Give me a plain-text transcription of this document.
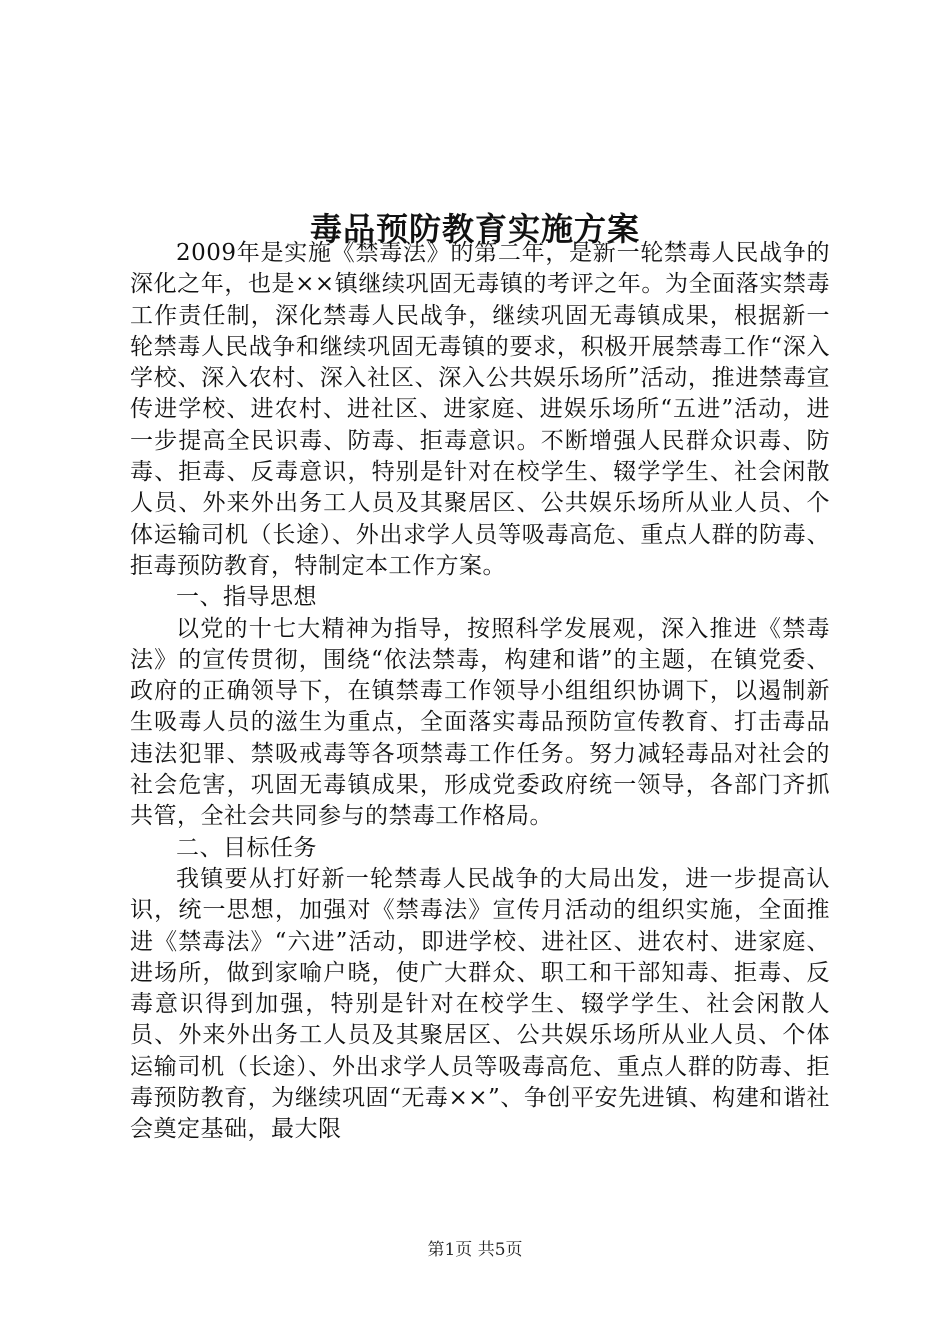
毒品预防教育实施方案

2009年是实施《禁毒法》的第二年，是新一轮禁毒人民战争的深化之年，也是××镇继续巩固无毒镇的考评之年。为全面落实禁毒工作责任制，深化禁毒人民战争，继续巩固无毒镇成果，根据新一轮禁毒人民战争和继续巩固无毒镇的要求，积极开展禁毒工作“深入学校、深入农村、深入社区、深入公共娱乐场所”活动，推进禁毒宣传进学校、进农村、进社区、进家庭、进娱乐场所“五进”活动，进一步提高全民识毒、防毒、拒毒意识。不断增强人民群众识毒、防毒、拒毒、反毒意识，特别是针对在校学生、辍学学生、社会闲散人员、外来外出务工人员及其聚居区、公共娱乐场所从业人员、个体运输司机（长途）、外出求学人员等吸毒高危、重点人群的防毒、拒毒预防教育，特制定本工作方案。

一、指导思想

以党的十七大精神为指导，按照科学发展观，深入推进《禁毒法》的宣传贯彻，围绕“依法禁毒，构建和谐”的主题，在镇党委、政府的正确领导下，在镇禁毒工作领导小组组织协调下，以遏制新生吸毒人员的滋生为重点，全面落实毒品预防宣传教育、打击毒品违法犯罪、禁吸戒毒等各项禁毒工作任务。努力减轻毒品对社会的社会危害，巩固无毒镇成果，形成党委政府统一领导，各部门齐抓共管，全社会共同参与的禁毒工作格局。

二、目标任务

我镇要从打好新一轮禁毒人民战争的大局出发，进一步提高认识，统一思想，加强对《禁毒法》宣传月活动的组织实施，全面推进《禁毒法》“六进”活动，即进学校、进社区、进农村、进家庭、进场所，做到家喻户晓，使广大群众、职工和干部知毒、拒毒、反毒意识得到加强，特别是针对在校学生、辍学学生、社会闲散人员、外来外出务工人员及其聚居区、公共娱乐场所从业人员、个体运输司机（长途）、外出求学人员等吸毒高危、重点人群的防毒、拒毒预防教育，为继续巩固“无毒××”、争创平安先进镇、构建和谐社会奠定基础，最大限

第1页 共5页
